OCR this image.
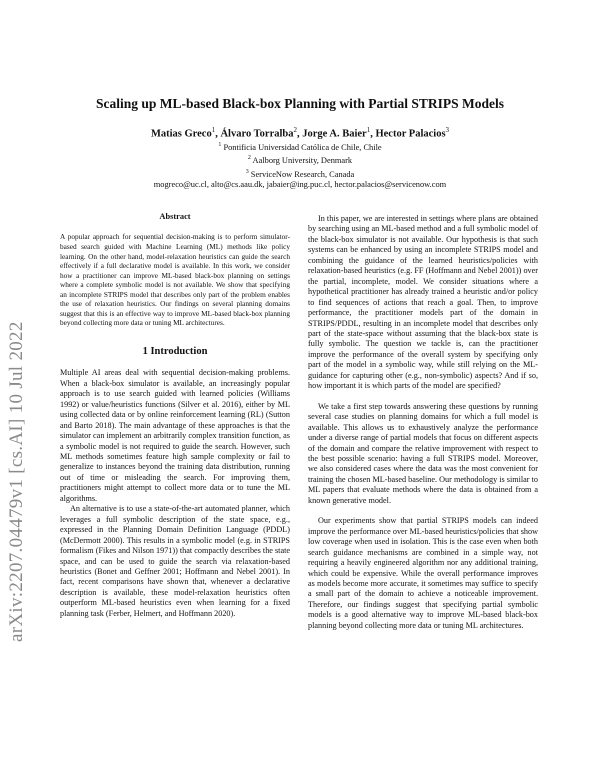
arXiv:2207.04479v1 [cs.AI] 10 Jul 2022
Scaling up ML-based Black-box Planning with Partial STRIPS Models
Matias Greco$^1$, Álvaro Torralba$^2$, Jorge A. Baier$^1$, Hector Palacios$^3$
$^1$ Pontificia Universidad Católica de Chile, Chile
$^2$ Aalborg University, Denmark
$^3$ ServiceNow Research, Canada
mogreco@uc.cl, alto@cs.aau.dk, jabaier@ing.puc.cl, hector.palacios@servicenow.com
Abstract

A popular approach for sequential decision-making is to perform simulator-based search guided with Machine Learning (ML) methods like policy learning. On the other hand, model-relaxation heuristics can guide the search effectively if a full declarative model is available. In this work, we consider how a practitioner can improve ML-based black-box planning on settings where a complete symbolic model is not available. We show that specifying an incomplete STRIPS model that describes only part of the problem enables the use of relaxation heuristics. Our findings on several planning domains suggest that this is an effective way to improve ML-based black-box planning beyond collecting more data or tuning ML architectures.

1 Introduction

Multiple AI areas deal with sequential decision-making problems. When a black-box simulator is available, an increasingly popular approach is to use search guided with learned policies (Williams 1992) or value/heuristics functions (Silver et al. 2016), either by ML using collected data or by online reinforcement learning (RL) (Sutton and Barto 2018). The main advantage of these approaches is that the simulator can implement an arbitrarily complex transition function, as a symbolic model is not required to guide the search. However, such ML methods sometimes feature high sample complexity or fail to generalize to instances beyond the training data distribution, running out of time or misleading the search. For improving them, practitioners might attempt to collect more data or to tune the ML algorithms.

An alternative is to use a state-of-the-art automated planner, which leverages a full symbolic description of the state space, e.g., expressed in the Planning Domain Definition Language (PDDL) (McDermott 2000). This results in a symbolic model (e.g. in STRIPS formalism (Fikes and Nilson 1971)) that compactly describes the state space, and can be used to guide the search via relaxation-based heuristics (Bonet and Geffner 2001; Hoffmann and Nebel 2001). In fact, recent comparisons have shown that, whenever a declarative description is available, these model-relaxation heuristics often outperform ML-based heuristics even when learning for a fixed planning task (Ferber, Helmert, and Hoffmann 2020).

In this paper, we are interested in settings where plans are obtained by searching using an ML-based method and a full symbolic model of the black-box simulator is not available. Our hypothesis is that such systems can be enhanced by using an incomplete STRIPS model and combining the guidance of the learned heuristics/policies with relaxation-based heuristics (e.g. FF (Hoffmann and Nebel 2001)) over the partial, incomplete, model. We consider situations where a hypothetical practitioner has already trained a heuristic and/or policy to find sequences of actions that reach a goal. Then, to improve performance, the practitioner models part of the domain in STRIPS/PDDL, resulting in an incomplete model that describes only part of the state-space without assuming that the black-box state is fully symbolic. The question we tackle is, can the practitioner improve the performance of the overall system by specifying only part of the model in a symbolic way, while still relying on the ML-guidance for capturing other (e.g., non-symbolic) aspects? And if so, how important it is which parts of the model are specified?

We take a first step towards answering these questions by running several case studies on planning domains for which a full model is available. This allows us to exhaustively analyze the performance under a diverse range of partial models that focus on different aspects of the domain and compare the relative improvement with respect to the best possible scenario: having a full STRIPS model. Moreover, we also considered cases where the data was the most convenient for training the chosen ML-based baseline. Our methodology is similar to ML papers that evaluate methods where the data is obtained from a known generative model.

Our experiments show that partial STRIPS models can indeed improve the performance over ML-based heuristics/policies that show low coverage when used in isolation. This is the case even when both search guidance mechanisms are combined in a simple way, not requiring a heavily engineered algorithm nor any additional training, which could be expensive. While the overall performance improves as models become more accurate, it sometimes may suffice to specify a small part of the domain to achieve a noticeable improvement. Therefore, our findings suggest that specifying partial symbolic models is a good alternative way to improve ML-based black-box planning beyond collecting more data or tuning ML architectures.
